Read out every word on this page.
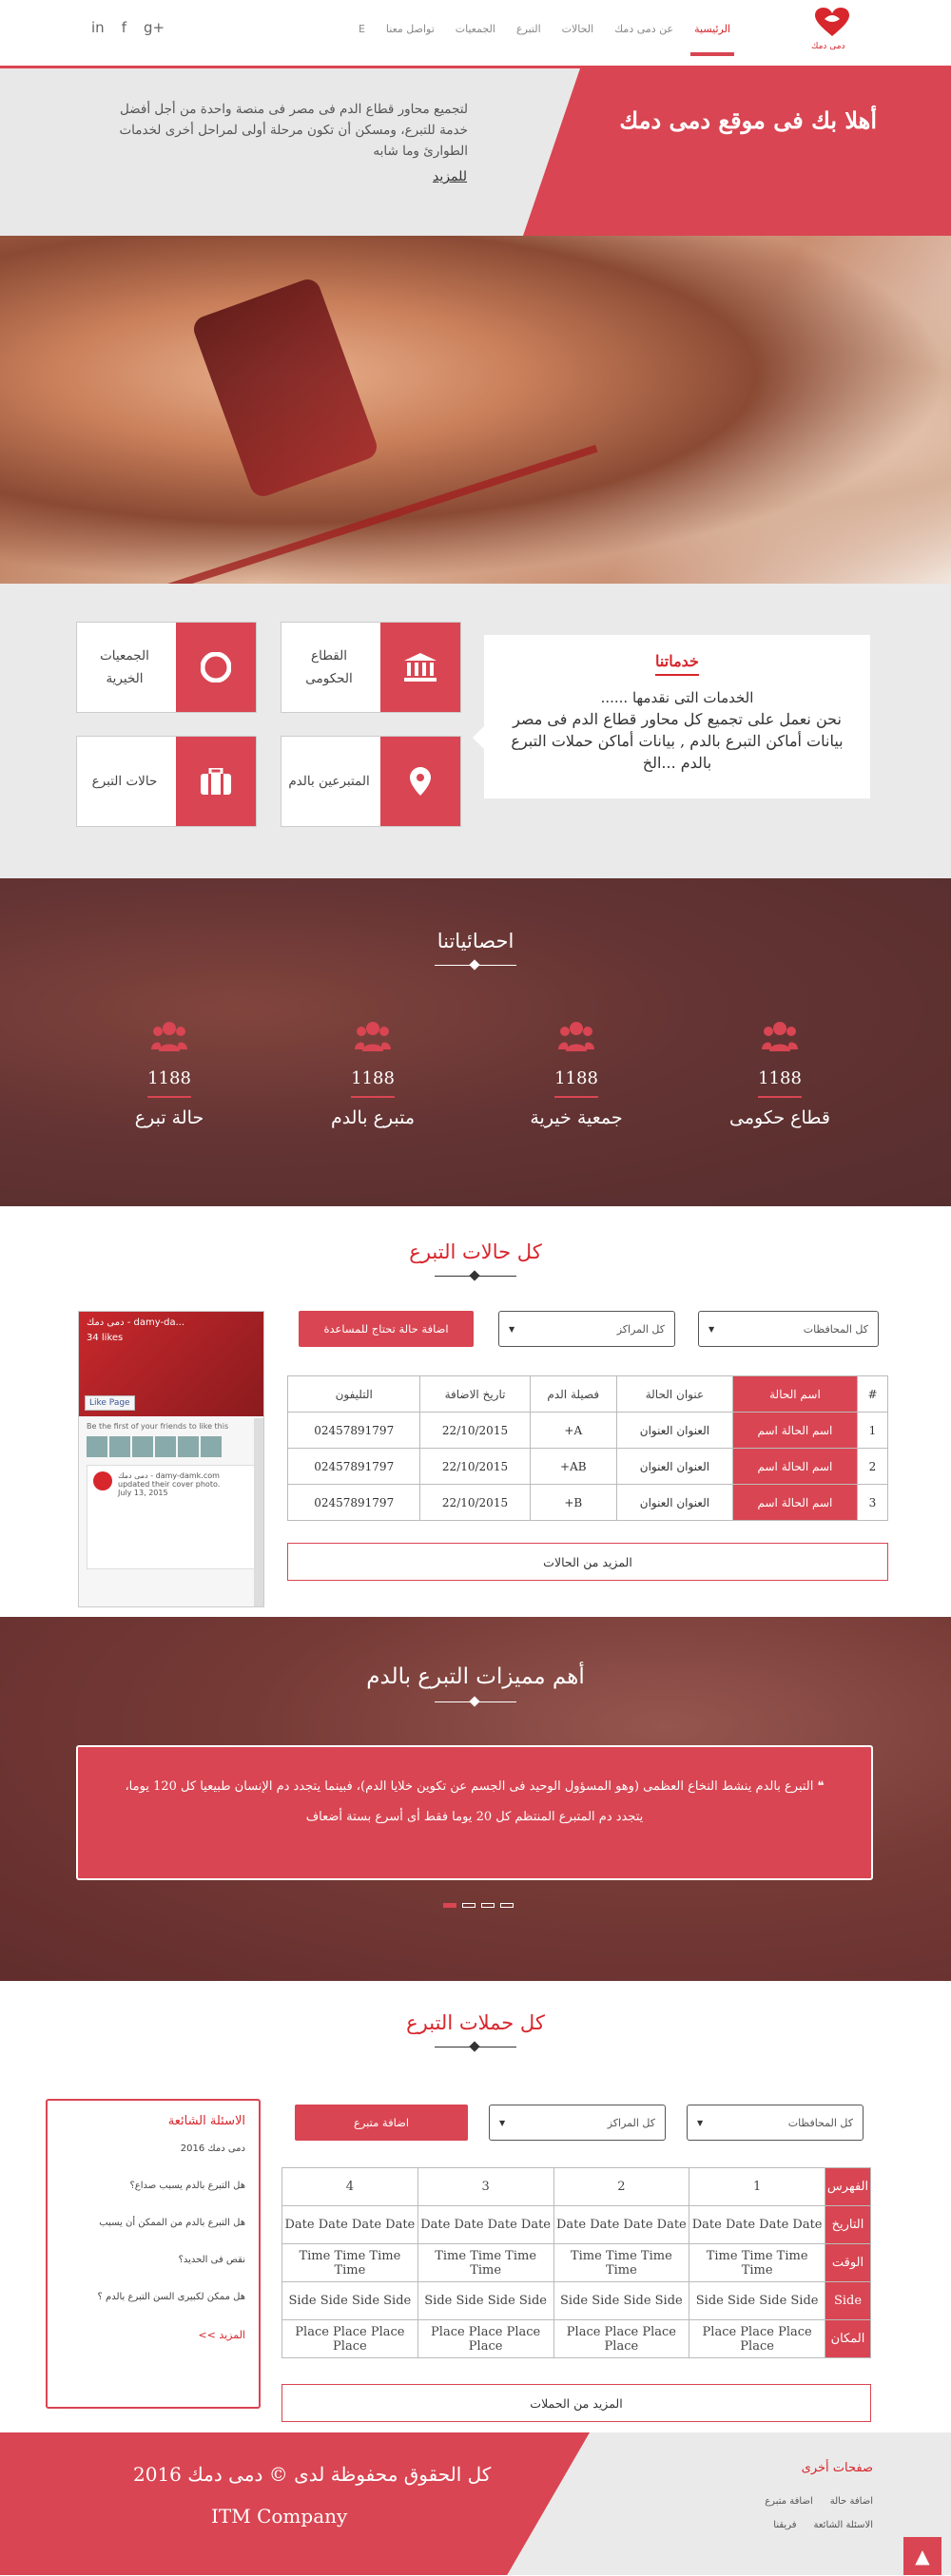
in f g+	الرئيسية
عن دمى دمك
الحالات
التبرع
الجمعيات
تواصل معنا
E
دمى دمك
أهلا بك فى موقع دمى دمك
لتجميع محاور قطاع الدم فى مصر فى منصة واحدة من أجل أفضل خدمة للتبرع، ومسكن أن تكون مرحلة أولى لمراحل أخرى لخدمات الطوارئ وما شابه
للمزيد
خدماتنا
الخدمات التى نقدمها ......
نحن نعمل على تجميع كل محاور قطاع الدم فى مصر بيانات أماكن التبرع بالدم , بيانات أماكن حملات التبرع بالدم ...الخ
القطاع الحكومى
الجمعيات الخيرية
المتبرعين بالدم
حالات التبرع
احصائياتنا
1188
قطاع حكومى
1188
جمعية خيرية
1188
متبرع بالدم
1188
حالة تبرع
كل حالات التبرع
دمى دمك - damy-da...
34 likes
Like Page
Be the first of your friends to like this
دمى دمك - damy-damk.com
updated their cover photo.
July 13, 2015
كل المحافظات
▼
كل المراكز
▼
اضافة حالة تحتاج للمساعدة
التليفون	تاريخ الاضافة	فصيلة الدم	عنوان الحالة	اسم الحالة	#
02457891797	22/10/2015	A+	العنوان العنوان	اسم الحالة اسم	1
02457891797	22/10/2015	AB+	العنوان العنوان	اسم الحالة اسم	2
02457891797	22/10/2015	B+	العنوان العنوان	اسم الحالة اسم	3
المزيد من الحالات
أهم مميزات التبرع بالدم
❝ التبرع بالدم ينشط النخاع العظمى (وهو المسؤول الوحيد فى الجسم عن تكوين خلايا الدم)، فبينما يتجدد دم الإنسان طبيعيا كل 120 يوما، يتجدد دم المتبرع المنتظم كل 20 يوما فقط أى أسرع بستة أضعاف
كل حملات التبرع
الاسئلة الشائعة
دمى دمك 2016
هل التبرع بالدم يسبب صداع؟
هل التبرع بالدم من الممكن أن يسبب
نقص فى الحديد؟
هل ممكن لكبيرى السن التبرع بالدم ؟
المزيد >>
كل المحافظات
▼
كل المراكز
▼
اضافة متبرع
4	3	2	1	الفهرس
Date Date Date Date	Date Date Date Date	Date Date Date Date	Date Date Date Date	التاريخ
Time Time Time Time	Time Time Time Time	Time Time Time Time	Time Time Time Time	الوقت
Side Side Side Side	Side Side Side Side	Side Side Side Side	Side Side Side Side	Side
Place Place Place Place	Place Place Place Place	Place Place Place Place	Place Place Place Place	المكان
المزيد من الحملات
كل الحقوق محفوظة لدى © دمى دمك 2016
ITM Company
صفحات أخرى
اضافة حالة
اضافة متبرع
الاسئلة الشائعة
فريقنا
▲
